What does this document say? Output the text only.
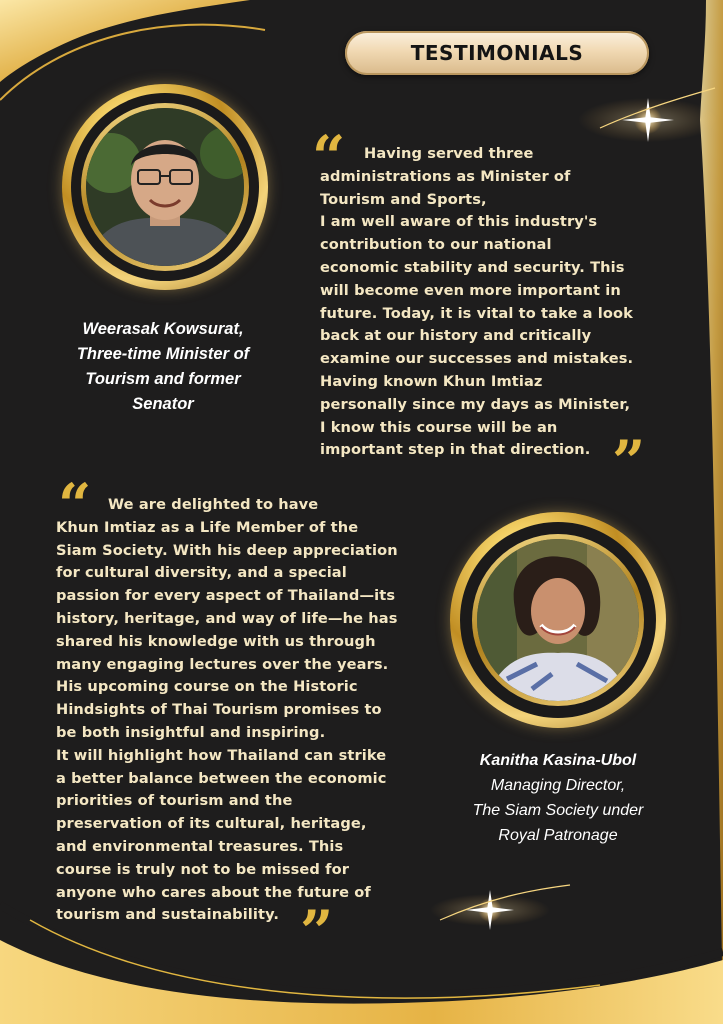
TESTIMONIALS
Weerasak Kowsurat,
Three-time Minister of
Tourism and former
Senator
“	Having served three
administrations as Minister of
Tourism and Sports,
I am well aware of this industry's
contribution to our national
economic stability and security. This
will become even more important in
future. Today, it is vital to take a look
back at our history and critically
examine our successes and mistakes.
Having known Khun Imtiaz
personally since my days as Minister,
I know this course will be an
important step in that direction. ”
“	We are delighted to have
Khun Imtiaz as a Life Member of the
Siam Society. With his deep appreciation
for cultural diversity, and a special
passion for every aspect of Thailand—its
history, heritage, and way of life—he has
shared his knowledge with us through
many engaging lectures over the years.
His upcoming course on the Historic
Hindsights of Thai Tourism promises to
be both insightful and inspiring.
It will highlight how Thailand can strike
a better balance between the economic
priorities of tourism and the
preservation of its cultural, heritage,
and environmental treasures. This
course is truly not to be missed for
anyone who cares about the future of
tourism and sustainability. ”
Kanitha Kasina-Ubol
Managing Director,
The Siam Society under
Royal Patronage
